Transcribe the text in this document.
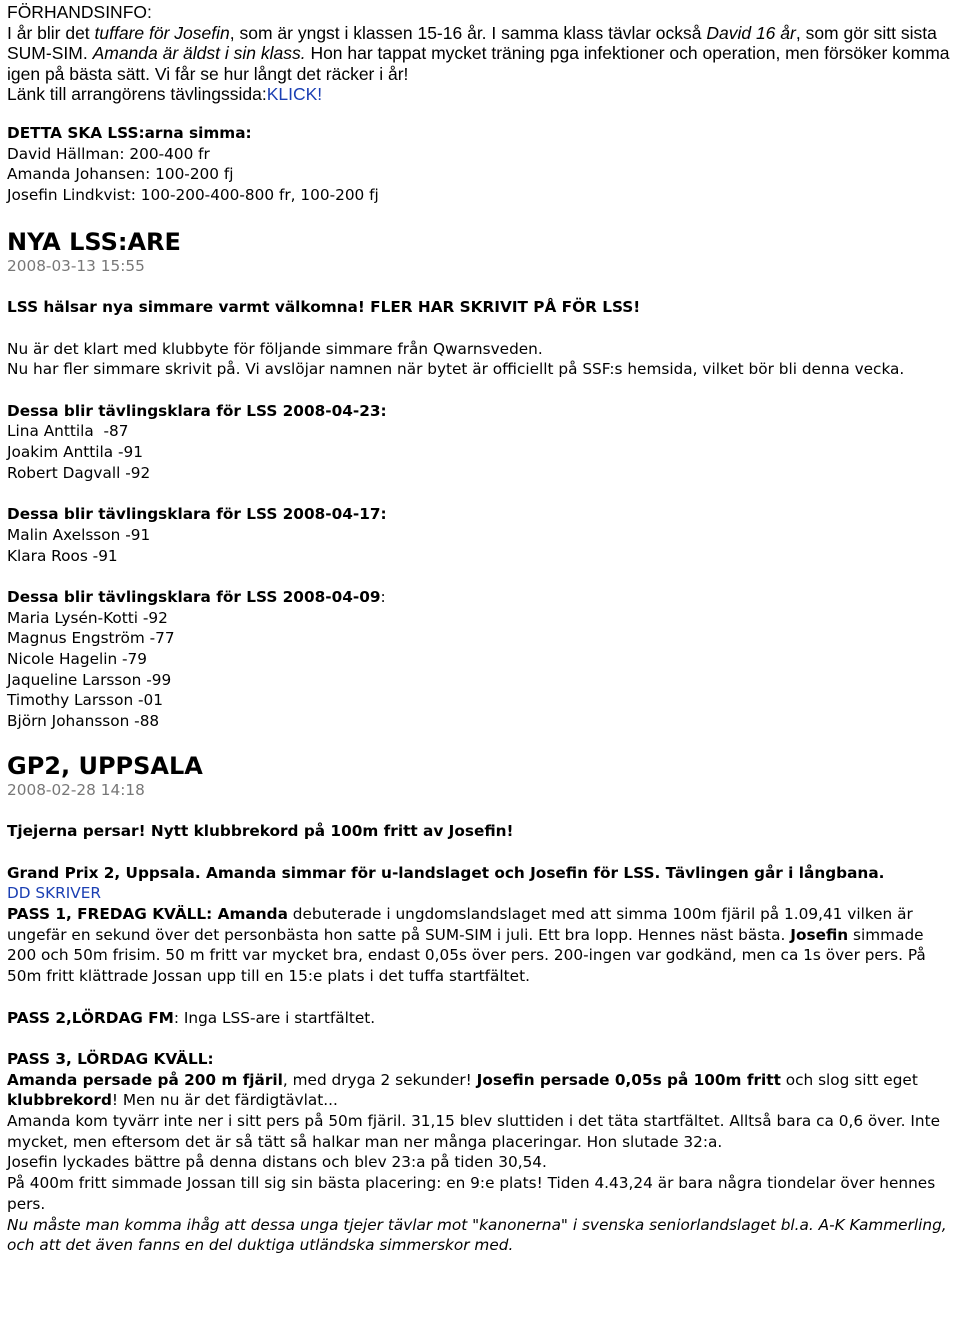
FÖRHANDSINFO:

I år blir det tuffare för Josefin, som är yngst i klassen 15-16 år. I samma klass tävlar också David 16 år, som gör sitt sista SUM-SIM. Amanda är äldst i sin klass. Hon har tappat mycket träning pga infektioner och operation, men försöker komma igen på bästa sätt. Vi får se hur långt det räcker i år!

Länk till arrangörens tävlingssida:KLICK!

DETTA SKA LSS:arna simma:

David Hällman: 200-400 fr

Amanda Johansen: 100-200 fj

Josefin Lindkvist: 100-200-400-800 fr, 100-200 fj

NYA LSS:ARE

2008-03-13 15:55

LSS hälsar nya simmare varmt välkomna! FLER HAR SKRIVIT PÅ FÖR LSS!

Nu är det klart med klubbyte för följande simmare från Qwarnsveden.

Nu har fler simmare skrivit på. Vi avslöjar namnen när bytet är officiellt på SSF:s hemsida, vilket bör bli denna vecka.

Dessa blir tävlingsklara för LSS 2008-04-23:

Lina Anttila  -87

Joakim Anttila -91

Robert Dagvall -92

Dessa blir tävlingsklara för LSS 2008-04-17:

Malin Axelsson -91

Klara Roos -91

Dessa blir tävlingsklara för LSS 2008-04-09:

Maria Lysén-Kotti -92

Magnus Engström -77

Nicole Hagelin -79

Jaqueline Larsson -99

Timothy Larsson -01

Björn Johansson -88

GP2, UPPSALA

2008-02-28 14:18

Tjejerna persar! Nytt klubbrekord på 100m fritt av Josefin!

Grand Prix 2, Uppsala. Amanda simmar för u-landslaget och Josefin för LSS. Tävlingen går i långbana.

DD SKRIVER

PASS 1, FREDAG KVÄLL: Amanda debuterade i ungdomslandslaget med att simma 100m fjäril på 1.09,41 vilken är ungefär en sekund över det personbästa hon satte på SUM-SIM i juli. Ett bra lopp. Hennes näst bästa. Josefin simmade 200 och 50m frisim. 50 m fritt var mycket bra, endast 0,05s över pers. 200-ingen var godkänd, men ca 1s över pers. På 50m fritt klättrade Jossan upp till en 15:e plats i det tuffa startfältet.

PASS 2,LÖRDAG FM: Inga LSS-are i startfältet.

PASS 3, LÖRDAG KVÄLL:

Amanda persade på 200 m fjäril, med dryga 2 sekunder! Josefin persade 0,05s på 100m fritt och slog sitt eget klubbrekord! Men nu är det färdigtävlat...

Amanda kom tyvärr inte ner i sitt pers på 50m fjäril. 31,15 blev sluttiden i det täta startfältet. Alltså bara ca 0,6 över. Inte mycket, men eftersom det är så tätt så halkar man ner många placeringar. Hon slutade 32:a.

Josefin lyckades bättre på denna distans och blev 23:a på tiden 30,54.

På 400m fritt simmade Jossan till sig sin bästa placering: en 9:e plats! Tiden 4.43,24 är bara några tiondelar över hennes pers.

Nu måste man komma ihåg att dessa unga tjejer tävlar mot "kanonerna" i svenska seniorlandslaget bl.a. A-K Kammerling, och att det även fanns en del duktiga utländska simmerskor med.
